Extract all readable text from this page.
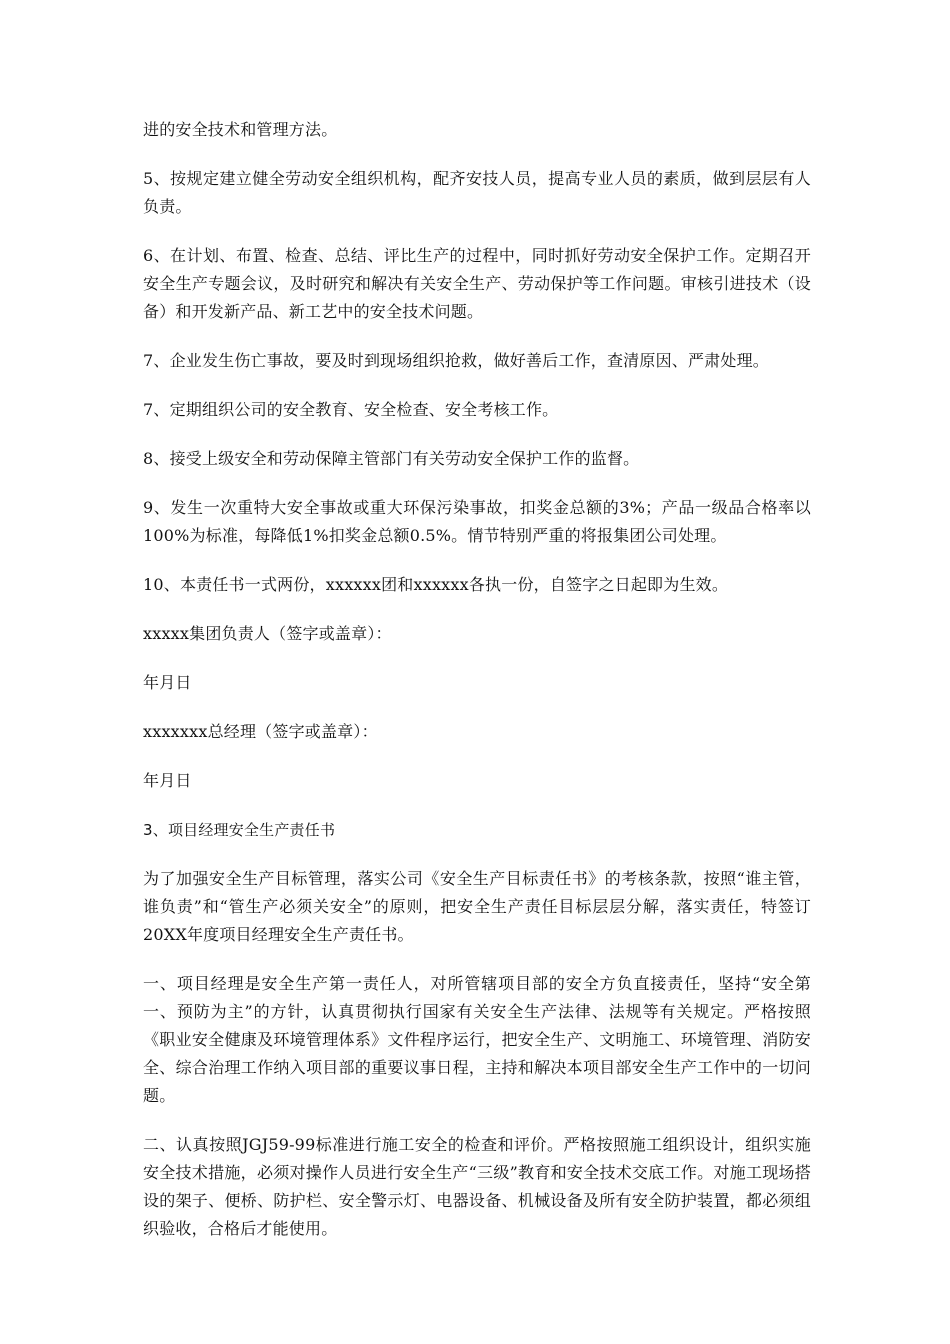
进的安全技术和管理方法。

5、按规定建立健全劳动安全组织机构，配齐安技人员，提高专业人员的素质，做到层层有人负责。

6、在计划、布置、检查、总结、评比生产的过程中，同时抓好劳动安全保护工作。定期召开安全生产专题会议，及时研究和解决有关安全生产、劳动保护等工作问题。审核引进技术（设备）和开发新产品、新工艺中的安全技术问题。

7、企业发生伤亡事故，要及时到现场组织抢救，做好善后工作，查清原因、严肃处理。

7、定期组织公司的安全教育、安全检查、安全考核工作。

8、接受上级安全和劳动保障主管部门有关劳动安全保护工作的监督。

9、发生一次重特大安全事故或重大环保污染事故，扣奖金总额的3%；产品一级品合格率以100%为标准，每降低1%扣奖金总额0.5%。情节特别严重的将报集团公司处理。

10、本责任书一式两份，xxxxxx团和xxxxxx各执一份，自签字之日起即为生效。

xxxxx集团负责人（签字或盖章）：

年月日

xxxxxxx总经理（签字或盖章）：

年月日

3、项目经理安全生产责任书

为了加强安全生产目标管理，落实公司《安全生产目标责任书》的考核条款，按照“谁主管，谁负责”和“管生产必须关安全”的原则，把安全生产责任目标层层分解，落实责任，特签订20XX年度项目经理安全生产责任书。

一、项目经理是安全生产第一责任人，对所管辖项目部的安全方负直接责任，坚持“安全第一、预防为主”的方针，认真贯彻执行国家有关安全生产法律、法规等有关规定。严格按照《职业安全健康及环境管理体系》文件程序运行，把安全生产、文明施工、环境管理、消防安全、综合治理工作纳入项目部的重要议事日程，主持和解决本项目部安全生产工作中的一切问题。

二、认真按照JGJ59-99标准进行施工安全的检查和评价。严格按照施工组织设计，组织实施安全技术措施，必须对操作人员进行安全生产“三级”教育和安全技术交底工作。对施工现场搭设的架子、便桥、防护栏、安全警示灯、电器设备、机械设备及所有安全防护装置，都必须组织验收，合格后才能使用。
